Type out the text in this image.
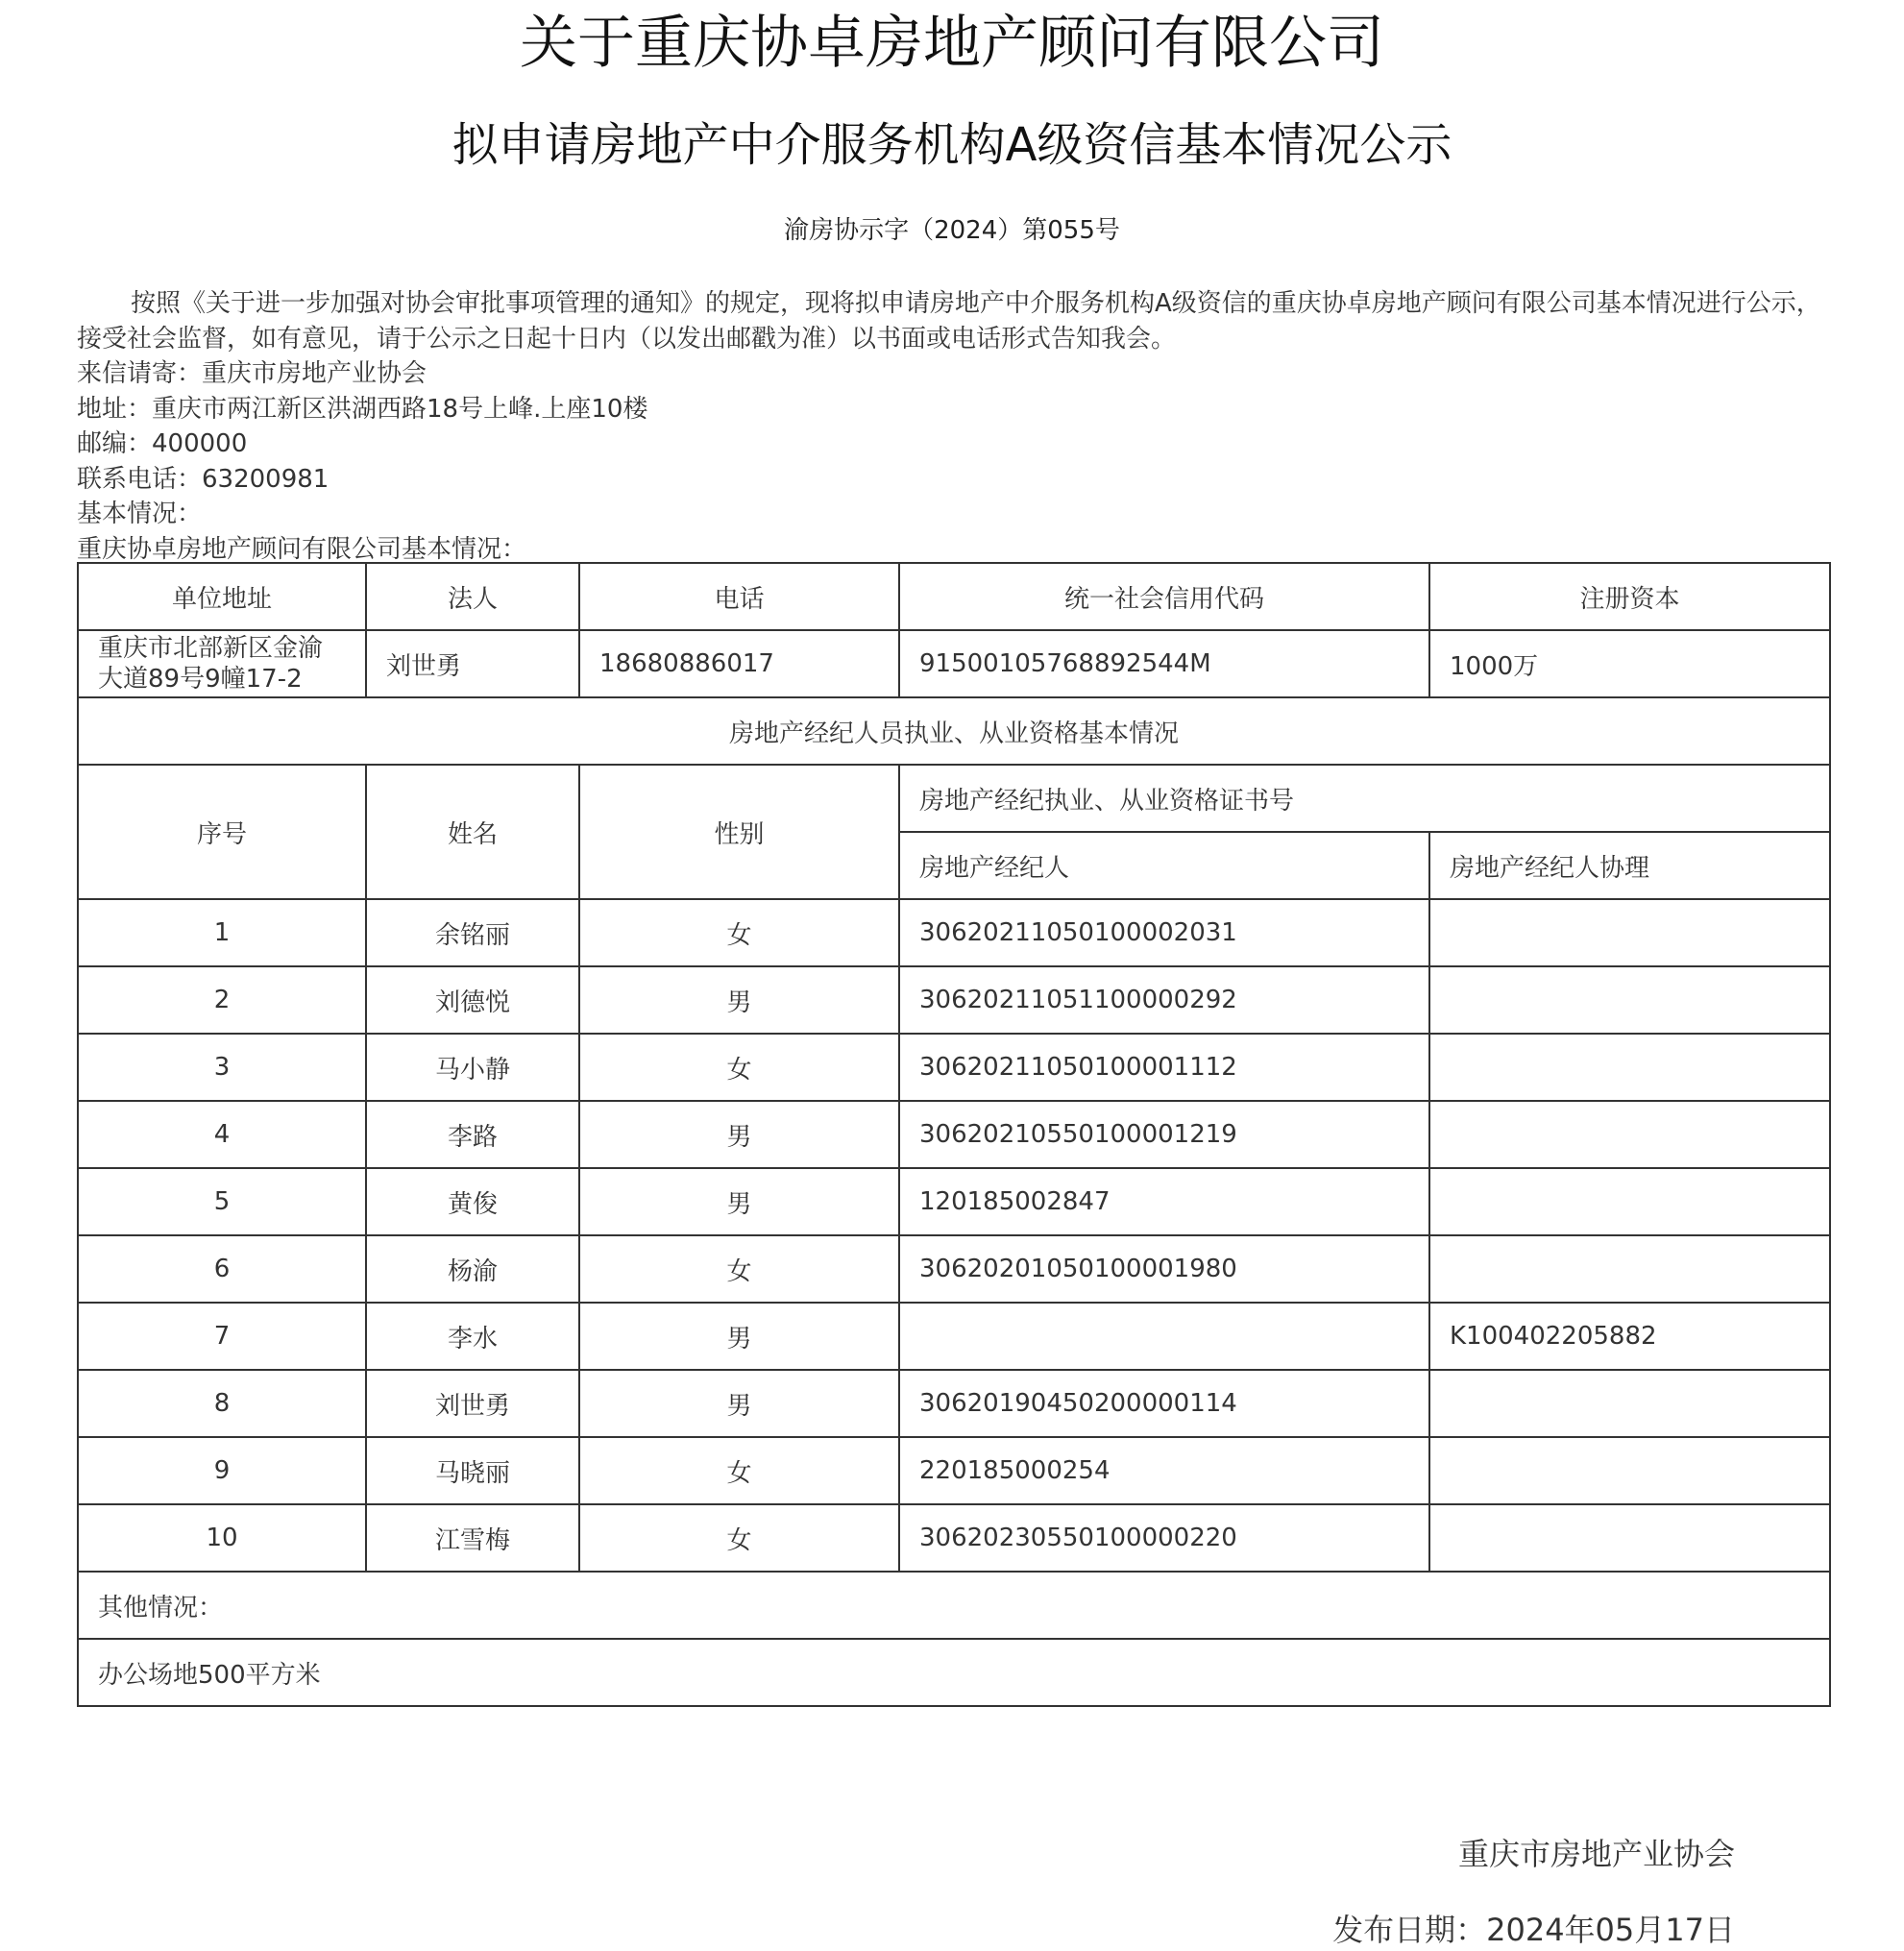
关于重庆协卓房地产顾问有限公司
拟申请房地产中介服务机构A级资信基本情况公示
渝房协示字（2024）第055号

按照《关于进一步加强对协会审批事项管理的通知》的规定，现将拟申请房地产中介服务机构A级资信的重庆协卓房地产顾问有限公司基本情况进行公示，接受社会监督，如有意见，请于公示之日起十日内（以发出邮戳为准）以书面或电话形式告知我会。

来信请寄：重庆市房地产业协会

地址：重庆市两江新区洪湖西路18号上峰.上座10楼

邮编：400000

联系电话：63200981

基本情况：

重庆协卓房地产顾问有限公司基本情况：

单位地址	法人	电话	统一社会信用代码	注册资本
重庆市北部新区金渝大道89号9幢17-2	刘世勇	18680886017	91500105768892544M	1000万
房地产经纪人员执业、从业资格基本情况				
序号	姓名	性别	房地产经纪执业、从业资格证书号	
			房地产经纪人	房地产经纪人协理
1	余铭丽	女	30620211050100002031	
2	刘德悦	男	30620211051100000292	
3	马小静	女	30620211050100001112	
4	李路	男	30620210550100001219	
5	黄俊	男	120185002847	
6	杨渝	女	30620201050100001980	
7	李水	男		K100402205882
8	刘世勇	男	30620190450200000114	
9	马晓丽	女	220185000254	
10	江雪梅	女	30620230550100000220	
其他情况：				
办公场地500平方米				
重庆市房地产业协会
发布日期：2024年05月17日
